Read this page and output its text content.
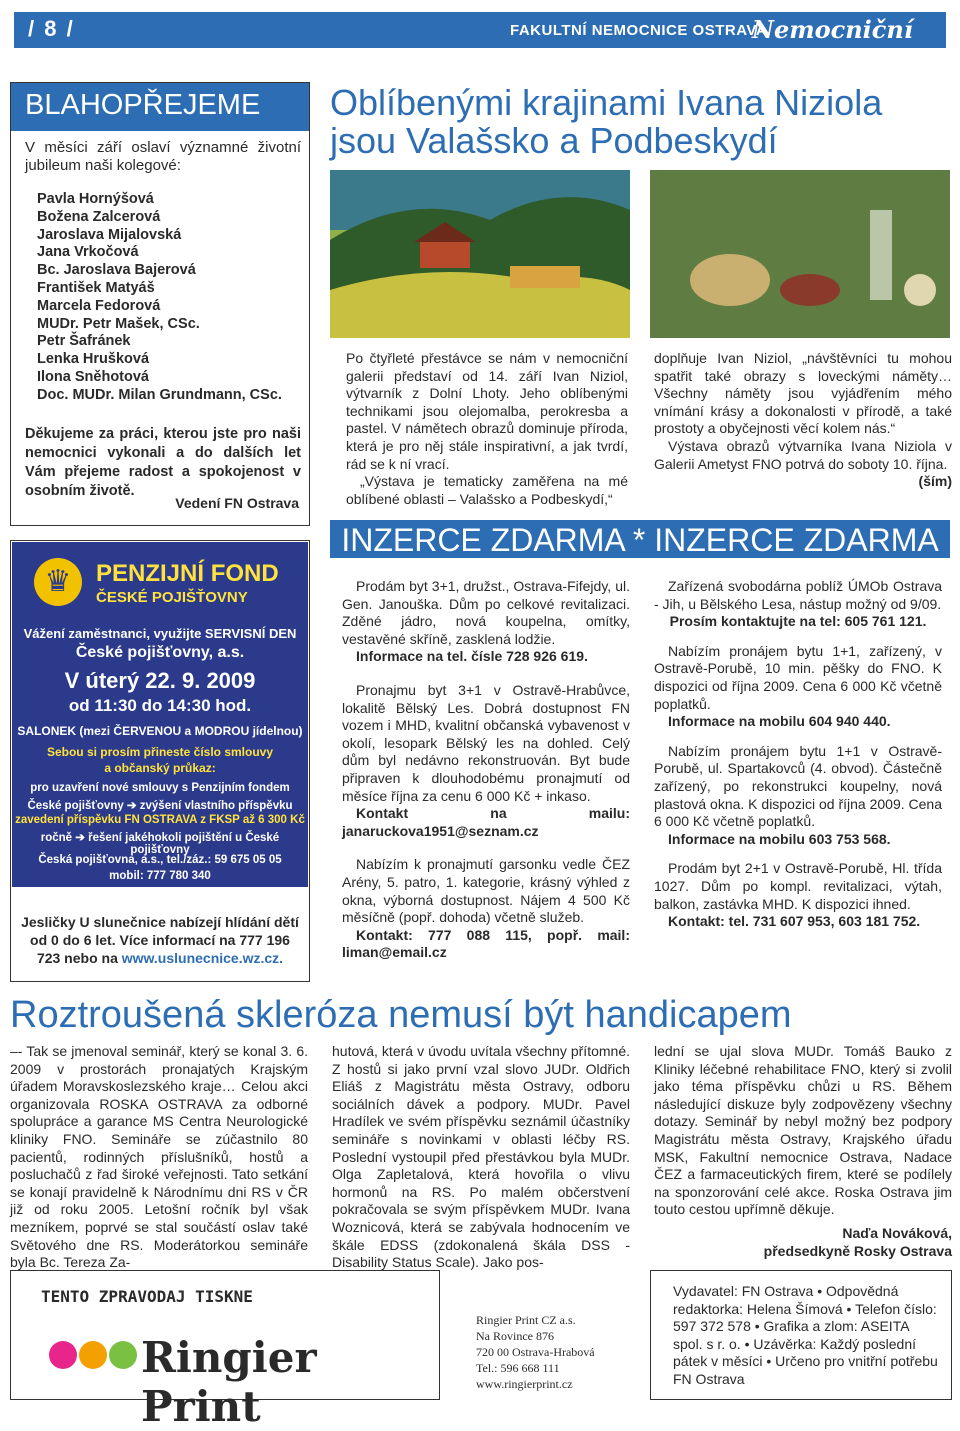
/ 8 /	FAKULTNÍ NEMOCNICE OSTRAVA
Nemocniční listy
BLAHOPŘEJEME
V měsíci září oslaví významné životní jubileum naši kolegové:
Pavla Hornýšová
Božena Zalcerová
Jaroslava Mijalovská
Jana Vrkočová
Bc. Jaroslava Bajerová
František Matyáš
Marcela Fedorová
MUDr. Petr Mašek, CSc.
Petr Šafránek
Lenka Hrušková
Ilona Sněhotová
Doc. MUDr. Milan Grundmann, CSc.
Děkujeme za práci, kterou jste pro naši nemocnici vykonali a do dalších let Vám přejeme radost a spokojenost v osobním životě.
Vedení FN Ostrava
♛	PENZIJNÍ FOND
ČESKÉ POJIŠŤOVNY
Vážení zaměstnanci, využijte SERVISNÍ DEN
České pojišťovny, a.s.
V úterý 22. 9. 2009
od 11:30 do 14:30 hod.
SALONEK (mezi ČERVENOU a MODROU jídelnou)
Sebou si prosím přineste číslo smlouvy
a občanský průkaz:
pro uzavření nové smlouvy s Penzijním fondem
České pojišťovny ➔ zvýšení vlastního příspěvku
zavedení příspěvku FN OSTRAVA z FKSP až 6 300 Kč
ročně ➔ řešení jakéhokoli pojištění u České pojišťovny
Česká pojišťovna, a.s., tel./záz.: 59 675 05 05
mobil: 777 780 340
Jesličky U slunečnice nabízejí hlídání dětí od 0 do 6 let. Více informací na 777 196 723 nebo na www.uslunecnice.wz.cz.
Oblíbenými krajinami Ivana Niziola jsou Valašsko a Podbeskydí
Po čtyřleté přestávce se nám v nemocniční galerii představí od 14. září Ivan Niziol, výtvarník z Dolní Lhoty. Jeho oblíbenými technikami jsou olejomalba, perokresba a pastel. V námětech obrazů dominuje příroda, která je pro něj stále inspirativní, a jak tvrdí, rád se k ní vrací.
„Výstava je tematicky zaměřena na mé oblíbené oblasti – Valašsko a Podbeskydí,“
doplňuje Ivan Niziol, „návštěvníci tu mohou spatřit také obrazy s loveckými náměty… Všechny náměty jsou vyjádřením mého vnímání krásy a dokonalosti v přírodě, a také prostoty a obyčejnosti věcí kolem nás.“
Výstava obrazů výtvarníka Ivana Niziola v Galerii Ametyst FNO potrvá do soboty 10. října.
(ším)
INZERCE ZDARMA * INZERCE ZDARMA
Prodám byt 3+1, družst., Ostrava-Fifejdy, ul. Gen. Janouška. Dům po celkové revitalizaci. Zděné jádro, nová koupelna, omítky, vestavěné skříně, zasklená lodžie.
Informace na tel. čísle 728 926 619.
Pronajmu byt 3+1 v Ostravě-Hrabůvce, lokalitě Bělský Les. Dobrá dostupnost FN vozem i MHD, kvalitní občanská vybavenost v okolí, lesopark Bělský les na dohled. Celý dům byl nedávno rekonstruován. Byt bude připraven k dlouhodobému pronajmutí od měsíce října za cenu 6 000 Kč + inkaso.
Kontakt na mailu: janaruckova1951@seznam.cz
Nabízím k pronajmutí garsonku vedle ČEZ Arény, 5. patro, 1. kategorie, krásný výhled z okna, výborná dostupnost. Nájem 4 500 Kč měsíčně (popř. dohoda) včetně služeb.
Kontakt: 777 088 115, popř. mail: liman@email.cz
Zařízená svobodárna poblíž ÚMOb Ostrava - Jih, u Bělského Lesa, nástup možný od 9/09.
Prosím kontaktujte na tel: 605 761 121.
Nabízím pronájem bytu 1+1, zařízený, v Ostravě-Porubě, 10 min. pěšky do FNO. K dispozici od října 2009. Cena 6 000 Kč včetně poplatků.
Informace na mobilu 604 940 440.
Nabízím pronájem bytu 1+1 v Ostravě-Porubě, ul. Spartakovců (4. obvod). Částečně zařízený, po rekonstrukci koupelny, nová plastová okna. K dispozici od října 2009. Cena 6 000 Kč včetně poplatků.
Informace na mobilu 603 753 568.
Prodám byt 2+1 v Ostravě-Porubě, Hl. třída 1027. Dům po kompl. revitalizaci, výtah, balkon, zastávka MHD. K dispozici ihned.
Kontakt: tel. 731 607 953, 603 181 752.
Roztroušená skleróza nemusí být handicapem
–- Tak se jmenoval seminář, který se konal 3. 6. 2009 v prostorách pronajatých Krajským úřadem Moravskoslezského kraje… Celou akci organizovala ROSKA OSTRAVA za odborné spolupráce a garance MS Centra Neurologické kliniky FNO. Semináře se zúčastnilo 80 pacientů, rodinných příslušníků, hostů a posluchačů z řad široké veřejnosti. Tato setkání se konají pravidelně k Národnímu dni RS v ČR již od roku 2005. Letošní ročník byl však mezníkem, poprvé se stal součástí oslav také Světového dne RS. Moderátorkou semináře byla Bc. Tereza Za-
hutová, která v úvodu uvítala všechny přítomné. Z hostů si jako první vzal slovo JUDr. Oldřich Eliáš z Magistrátu města Ostravy, odboru sociálních dávek a podpory. MUDr. Pavel Hradílek ve svém příspěvku seznámil účastníky semináře s novinkami v oblasti léčby RS. Poslední vystoupil před přestávkou byla MUDr. Olga Zapletalová, která hovořila o vlivu hormonů na RS. Po malém občerstvení pokračovala se svým příspěvkem MUDr. Ivana Woznicová, která se zabývala hodnocením ve škále EDSS (zdokonalená škála DSS - Disability Status Scale). Jako pos-
lední se ujal slova MUDr. Tomáš Bauko z Kliniky léčebné rehabilitace FNO, který si zvolil jako téma příspěvku chůzi u RS. Během následující diskuze byly zodpovězeny všechny dotazy. Seminář by nebyl možný bez podpory Magistrátu města Ostravy, Krajského úřadu MSK, Fakultní nemocnice Ostrava, Nadace ČEZ a farmaceutických firem, které se podílely na sponzorování celé akce. Roska Ostrava jim touto cestou upřímně děkuje.
Naďa Nováková,
předsedkyně Rosky Ostrava
TENTO ZPRAVODAJ TISKNE
Ringier Print
Ringier Print CZ a.s.
Na Rovince 876
720 00 Ostrava-Hrabová
Tel.: 596 668 111
www.ringierprint.cz
Vydavatel: FN Ostrava • Odpovědná redaktorka: Helena Šímová • Telefon číslo: 597 372 578 • Grafika a zlom: ASEITA spol. s r. o. • Uzávěrka: Každý poslední pátek v měsíci • Určeno pro vnitřní potřebu FN Ostrava
